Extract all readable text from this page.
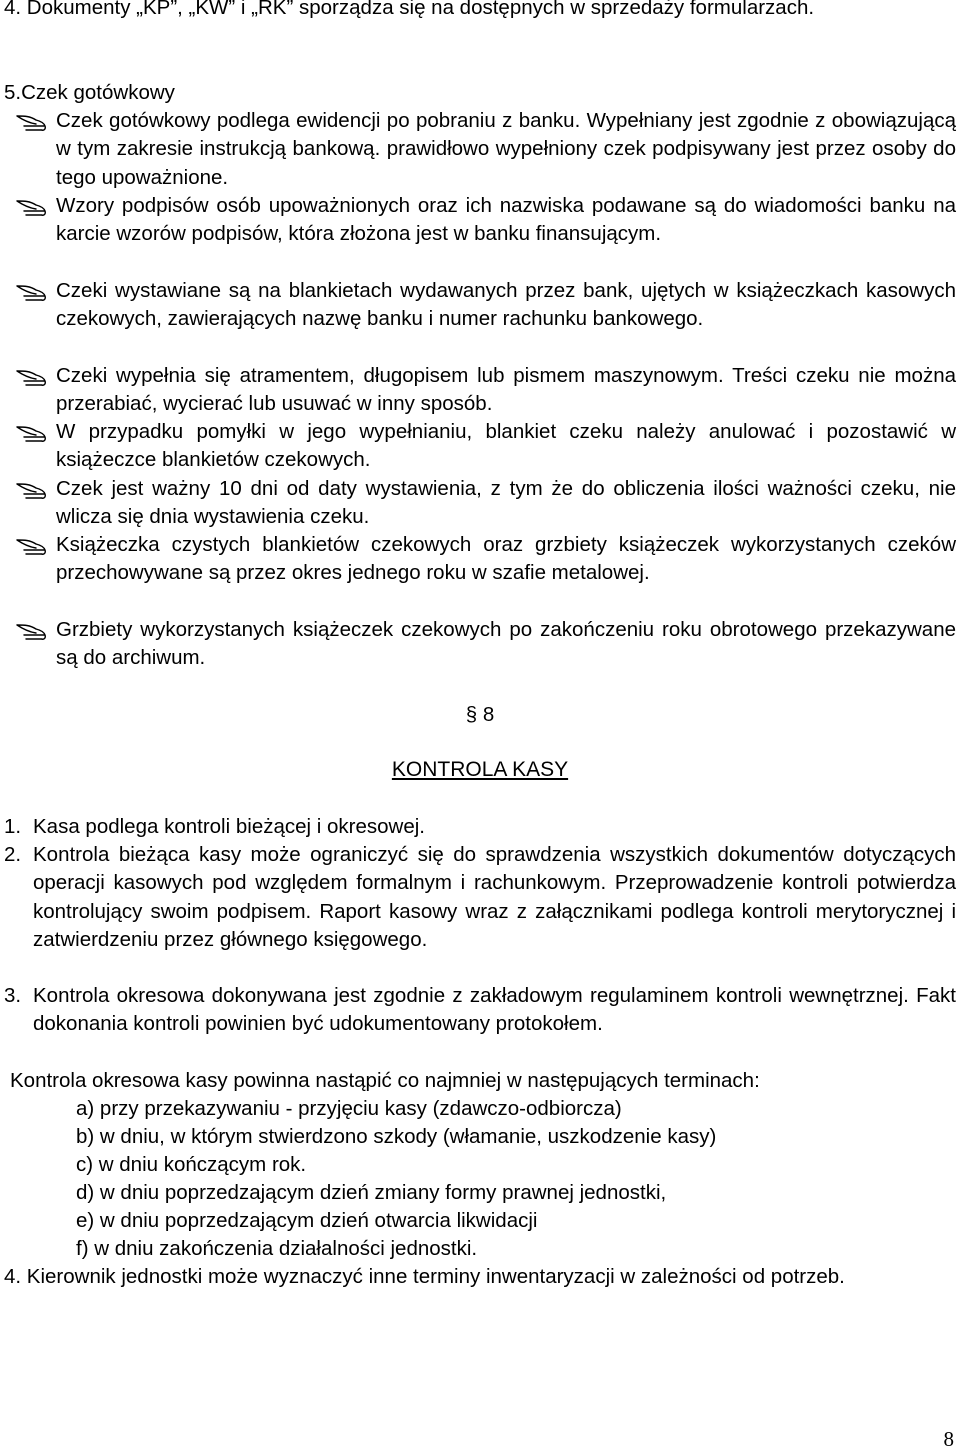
4. Dokumenty „KP”, „KW” i „RK” sporządza się na dostępnych w sprzedaży formularzach.

5.Czek gotówkowy

Czek gotówkowy podlega ewidencji po pobraniu z banku. Wypełniany jest zgodnie z obowiązującą w tym zakresie instrukcją bankową. prawidłowo wypełniony czek podpisywany jest przez osoby do tego upoważnione.
Wzory podpisów osób upoważnionych oraz ich nazwiska podawane są do wiadomości banku na karcie wzorów podpisów, która złożona jest w banku finansującym.
Czeki wystawiane są na blankietach wydawanych przez bank, ujętych w książeczkach kasowych czekowych, zawierających nazwę banku i numer rachunku bankowego.
Czeki wypełnia się atramentem, długopisem lub pismem maszynowym. Treści czeku nie można przerabiać, wycierać lub usuwać w inny sposób.
W przypadku pomyłki w jego wypełnianiu, blankiet czeku należy anulować i pozostawić w książeczce blankietów czekowych.
Czek jest ważny 10 dni od daty wystawienia, z tym że do obliczenia ilości ważności czeku, nie wlicza się dnia wystawienia czeku.
Książeczka czystych blankietów czekowych oraz grzbiety książeczek wykorzystanych czeków przechowywane są przez okres jednego roku w szafie metalowej.
Grzbiety wykorzystanych książeczek czekowych po zakończeniu roku obrotowego przekazywane są do archiwum.
§ 8
KONTROLA KASY
1. Kasa podlega kontroli bieżącej i okresowej.
2. Kontrola bieżąca kasy może ograniczyć się do sprawdzenia wszystkich dokumentów dotyczących operacji kasowych pod względem formalnym i rachunkowym. Przeprowadzenie kontroli potwierdza kontrolujący swoim podpisem. Raport kasowy wraz z załącznikami podlega kontroli merytorycznej i zatwierdzeniu przez głównego księgowego.
3. Kontrola okresowa dokonywana jest zgodnie z zakładowym regulaminem kontroli wewnętrznej. Fakt dokonania kontroli powinien być udokumentowany protokołem.

Kontrola okresowa kasy powinna nastąpić co najmniej w następujących terminach:

a) przy przekazywaniu - przyjęciu kasy (zdawczo-odbiorcza)
b) w dniu, w którym stwierdzono szkody (włamanie, uszkodzenie kasy)
c) w dniu kończącym rok.
d) w dniu poprzedzającym dzień zmiany formy prawnej jednostki,
e) w dniu poprzedzającym dzień otwarcia likwidacji
f) w dniu zakończenia działalności jednostki.

4. Kierownik jednostki może wyznaczyć inne terminy inwentaryzacji w zależności od potrzeb.

8
